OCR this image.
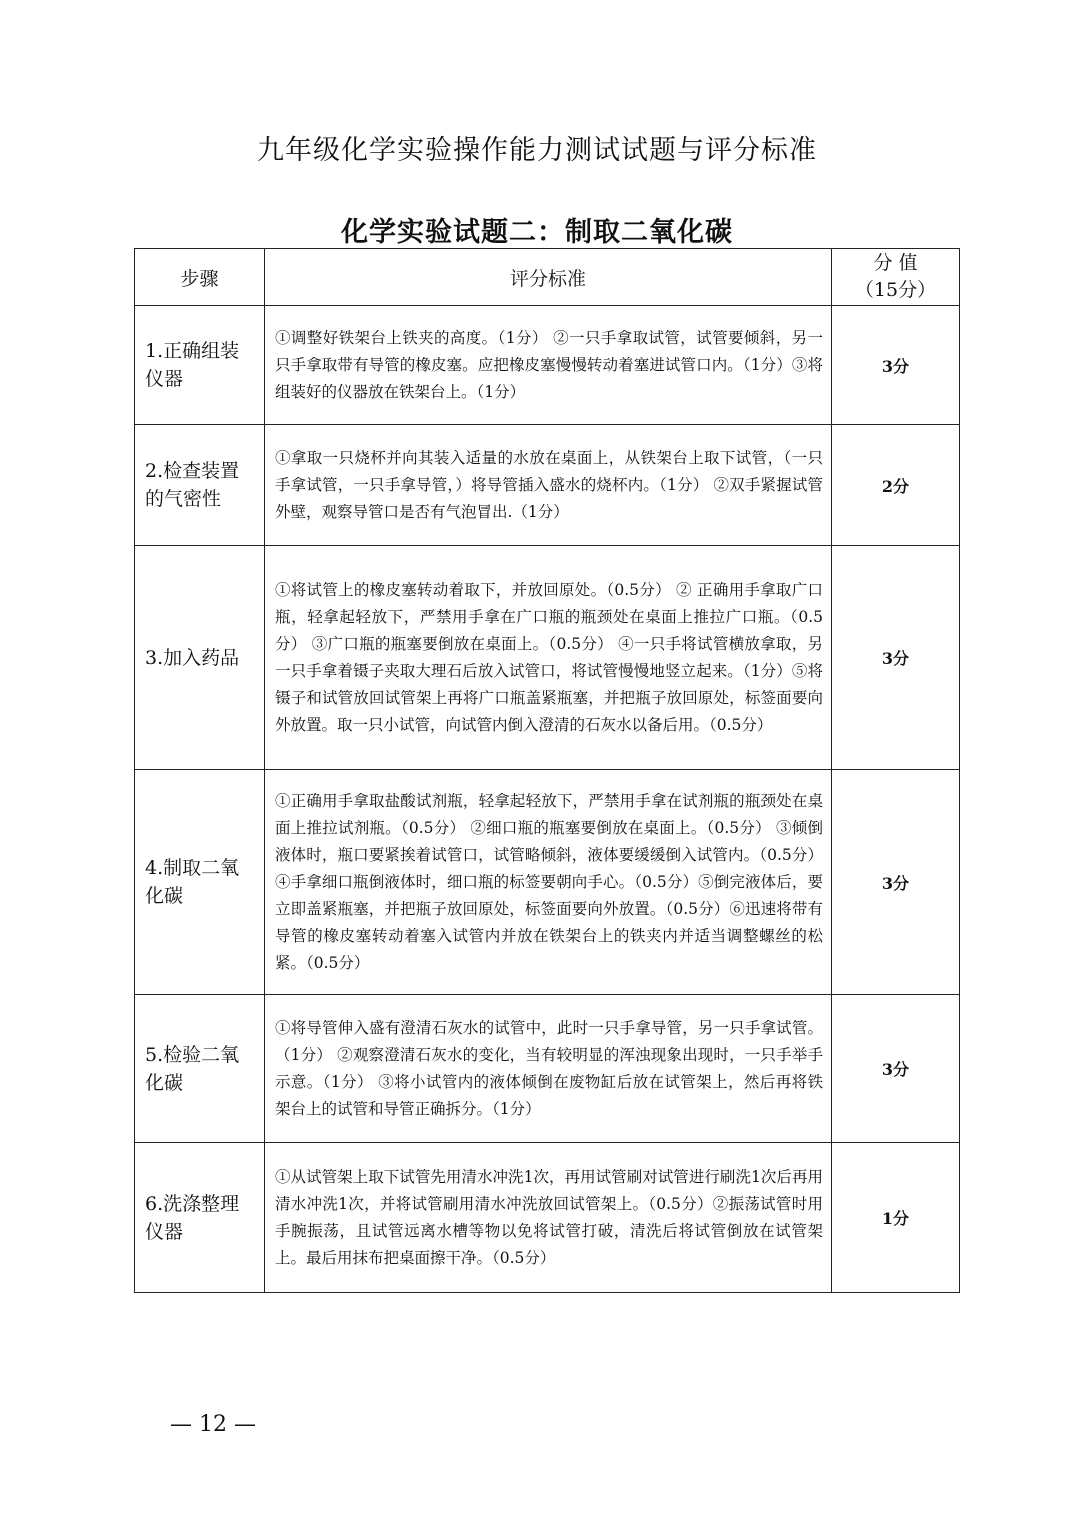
九年级化学实验操作能力测试试题与评分标准
化学实验试题二：制取二氧化碳
步骤	评分标准	分 值
（15分）

1.正确组装仪器	①调整好铁架台上铁夹的高度。（1分） ②一只手拿取试管，试管要倾斜，另一只手拿取带有导管的橡皮塞。应把橡皮塞慢慢转动着塞进试管口内。（1分）③将组装好的仪器放在铁架台上。（1分）	3分
2.检查装置的气密性	①拿取一只烧杯并向其装入适量的水放在桌面上，从铁架台上取下试管，（一只手拿试管，一只手拿导管，）将导管插入盛水的烧杯内。（1分） ②双手紧握试管外壁，观察导管口是否有气泡冒出.（1分）	2分
3.加入药品	①将试管上的橡皮塞转动着取下，并放回原处。（0.5分） ② 正确用手拿取广口瓶，轻拿起轻放下，严禁用手拿在广口瓶的瓶颈处在桌面上推拉广口瓶。（0.5分） ③广口瓶的瓶塞要倒放在桌面上。（0.5分） ④一只手将试管横放拿取，另一只手拿着镊子夹取大理石后放入试管口，将试管慢慢地竖立起来。（1分）⑤将镊子和试管放回试管架上再将广口瓶盖紧瓶塞，并把瓶子放回原处，标签面要向外放置。取一只小试管，向试管内倒入澄清的石灰水以备后用。（0.5分）	3分
4.制取二氧化碳	①正确用手拿取盐酸试剂瓶，轻拿起轻放下，严禁用手拿在试剂瓶的瓶颈处在桌面上推拉试剂瓶。（0.5分） ②细口瓶的瓶塞要倒放在桌面上。（0.5分） ③倾倒液体时，瓶口要紧挨着试管口，试管略倾斜，液体要缓缓倒入试管内。（0.5分）④手拿细口瓶倒液体时，细口瓶的标签要朝向手心。（0.5分）⑤倒完液体后，要立即盖紧瓶塞，并把瓶子放回原处，标签面要向外放置。（0.5分）⑥迅速将带有导管的橡皮塞转动着塞入试管内并放在铁架台上的铁夹内并适当调整螺丝的松紧。（0.5分）	3分
5.检验二氧化碳	①将导管伸入盛有澄清石灰水的试管中，此时一只手拿导管，另一只手拿试管。（1分） ②观察澄清石灰水的变化，当有较明显的浑浊现象出现时，一只手举手示意。（1分） ③将小试管内的液体倾倒在废物缸后放在试管架上，然后再将铁架台上的试管和导管正确拆分。（1分）	3分
6.洗涤整理仪器	①从试管架上取下试管先用清水冲洗1次，再用试管刷对试管进行刷洗1次后再用清水冲洗1次，并将试管刷用清水冲洗放回试管架上。（0.5分）②振荡试管时用手腕振荡，且试管远离水槽等物以免将试管打破，清洗后将试管倒放在试管架上。最后用抹布把桌面擦干净。（0.5分）	1分
— 12 —
